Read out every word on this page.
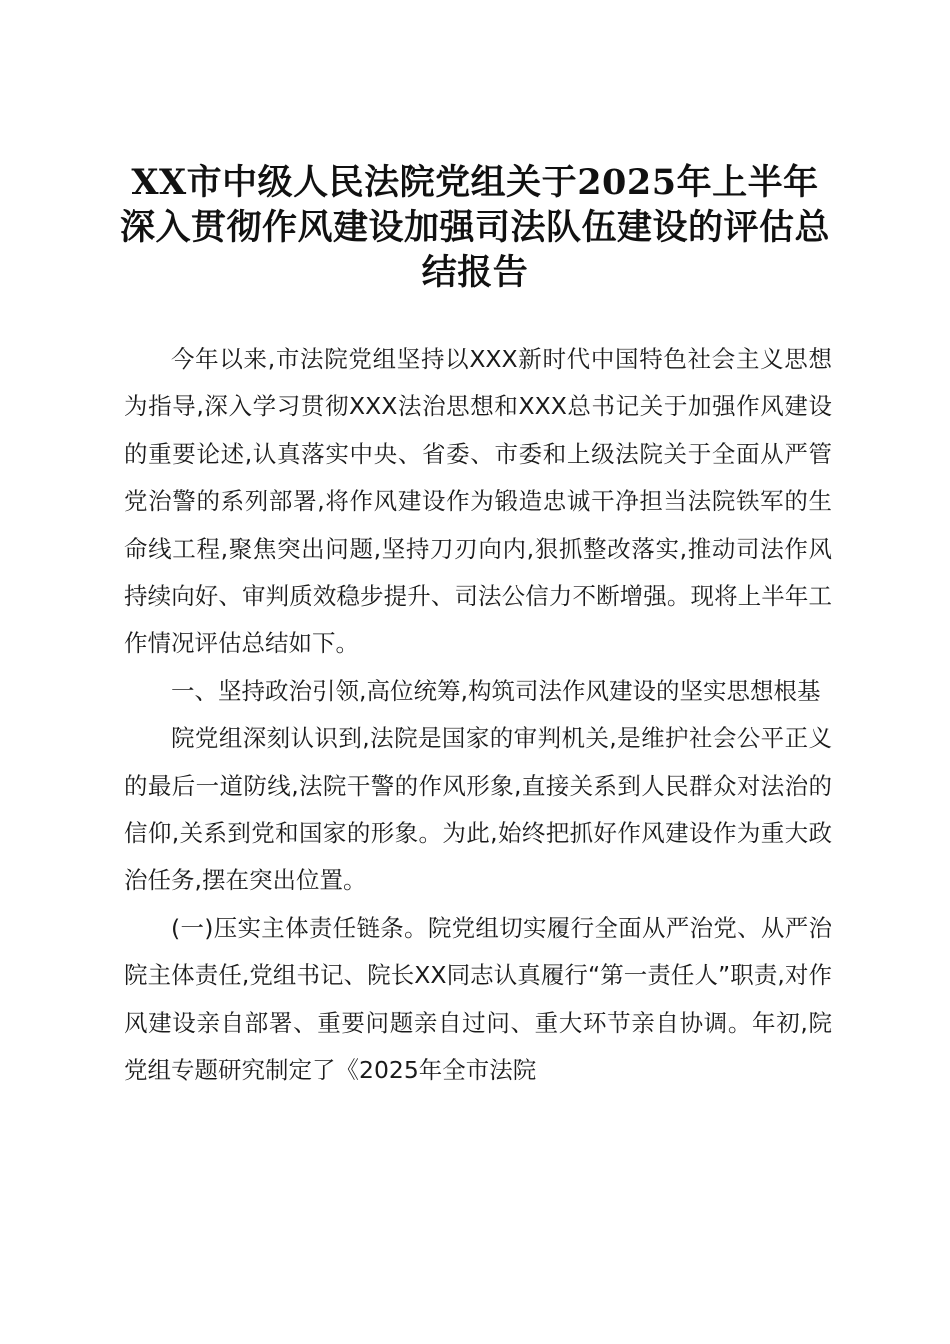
XX市中级人民法院党组关于2025年上半年深入贯彻作风建设加强司法队伍建设的评估总结报告

今年以来,市法院党组坚持以XXX新时代中国特色社会主义思想为指导,深入学习贯彻XXX法治思想和XXX总书记关于加强作风建设的重要论述,认真落实中央、省委、市委和上级法院关于全面从严管党治警的系列部署,将作风建设作为锻造忠诚干净担当法院铁军的生命线工程,聚焦突出问题,坚持刀刃向内,狠抓整改落实,推动司法作风持续向好、审判质效稳步提升、司法公信力不断增强。现将上半年工作情况评估总结如下。

一、坚持政治引领,高位统筹,构筑司法作风建设的坚实思想根基

院党组深刻认识到,法院是国家的审判机关,是维护社会公平正义的最后一道防线,法院干警的作风形象,直接关系到人民群众对法治的信仰,关系到党和国家的形象。为此,始终把抓好作风建设作为重大政治任务,摆在突出位置。

(一)压实主体责任链条。院党组切实履行全面从严治党、从严治院主体责任,党组书记、院长XX同志认真履行“第一责任人”职责,对作风建设亲自部署、重要问题亲自过问、重大环节亲自协调。年初,院党组专题研究制定了《2025年全市法院
